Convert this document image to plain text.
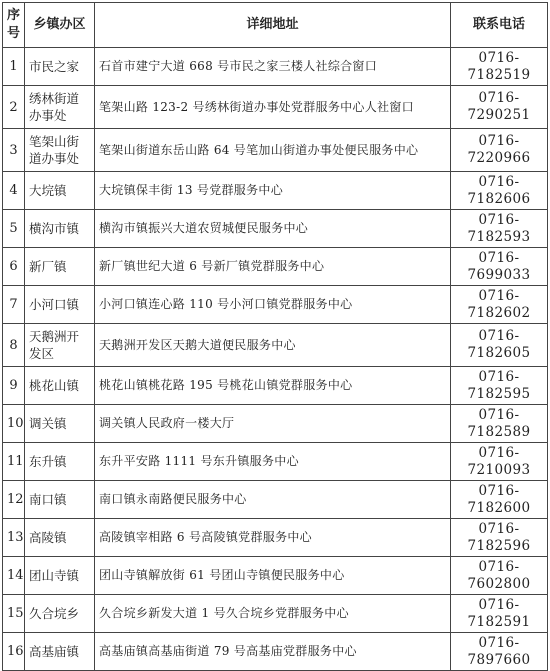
序号	乡镇办区	详细地址	联系电话
1	市民之家	石首市建宁大道 668 号市民之家三楼人社综合窗口	0716-7182519
2	绣林街道办事处	笔架山路 123-2 号绣林街道办事处党群服务中心人社窗口	0716-7290251
3	笔架山街道办事处	笔架山街道东岳山路 64 号笔加山街道办事处便民服务中心	0716-7220966
4	大垸镇	大垸镇保丰街 13 号党群服务中心	0716-7182606
5	横沟市镇	横沟市镇振兴大道农贸城便民服务中心	0716-7182593
6	新厂镇	新厂镇世纪大道 6 号新厂镇党群服务中心	0716-7699033
7	小河口镇	小河口镇连心路 110 号小河口镇党群服务中心	0716-7182602
8	天鹅洲开发区	天鹅洲开发区天鹅大道便民服务中心	0716-7182605
9	桃花山镇	桃花山镇桃花路 195 号桃花山镇党群服务中心	0716-7182595
10	调关镇	调关镇人民政府一楼大厅	0716-7182589
11	东升镇	东升平安路 1111 号东升镇服务中心	0716-7210093
12	南口镇	南口镇永南路便民服务中心	0716-7182600
13	高陵镇	高陵镇宰相路 6 号高陵镇党群服务中心	0716-7182596
14	团山寺镇	团山寺镇解放街 61 号团山寺镇便民服务中心	0716-7602800
15	久合垸乡	久合垸乡新发大道 1 号久合垸乡党群服务中心	0716-7182591
16	高基庙镇	高基庙镇高基庙街道 79 号高基庙党群服务中心	0716-7897660
